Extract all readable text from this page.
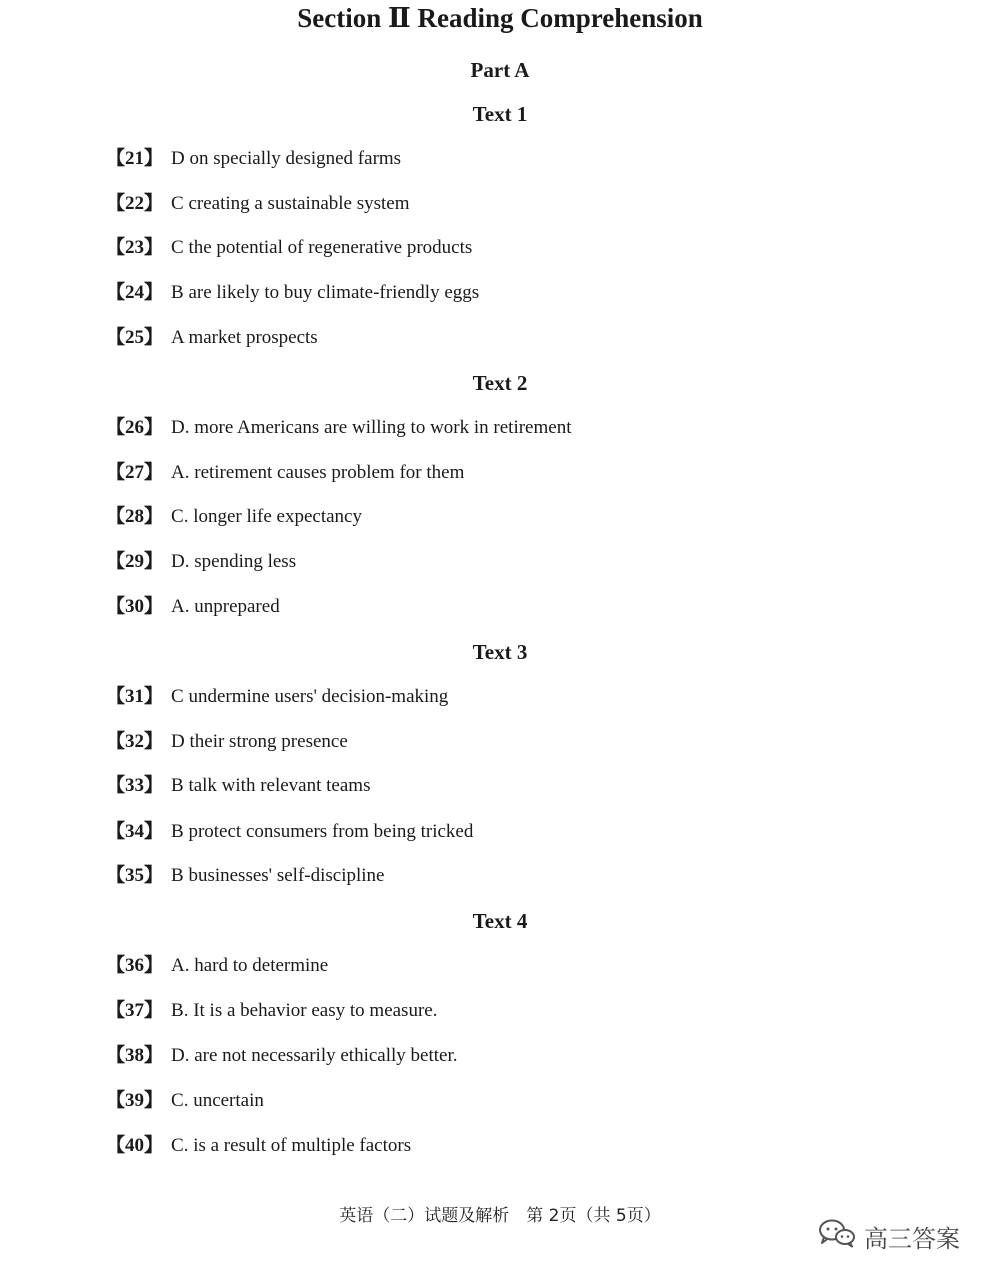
Section Ⅱ Reading Comprehension
Part A
Text 1
【21】 D on specially designed farms
【22】 C creating a sustainable system
【23】 C the potential of regenerative products
【24】 B are likely to buy climate-friendly eggs
【25】 A market prospects
Text 2
【26】 D. more Americans are willing to work in retirement
【27】 A. retirement causes problem for them
【28】 C. longer life expectancy
【29】 D. spending less
【30】 A. unprepared
Text 3
【31】 C undermine users' decision-making
【32】 D their strong presence
【33】 B talk with relevant teams
【34】 B protect consumers from being tricked
【35】 B businesses' self-discipline
Text 4
【36】 A. hard to determine
【37】 B. It is a behavior easy to measure.
【38】 D. are not necessarily ethically better.
【39】 C. uncertain
【40】 C. is a result of multiple factors
英语（二）试题及解析　第 2页（共 5页）
高三答案
